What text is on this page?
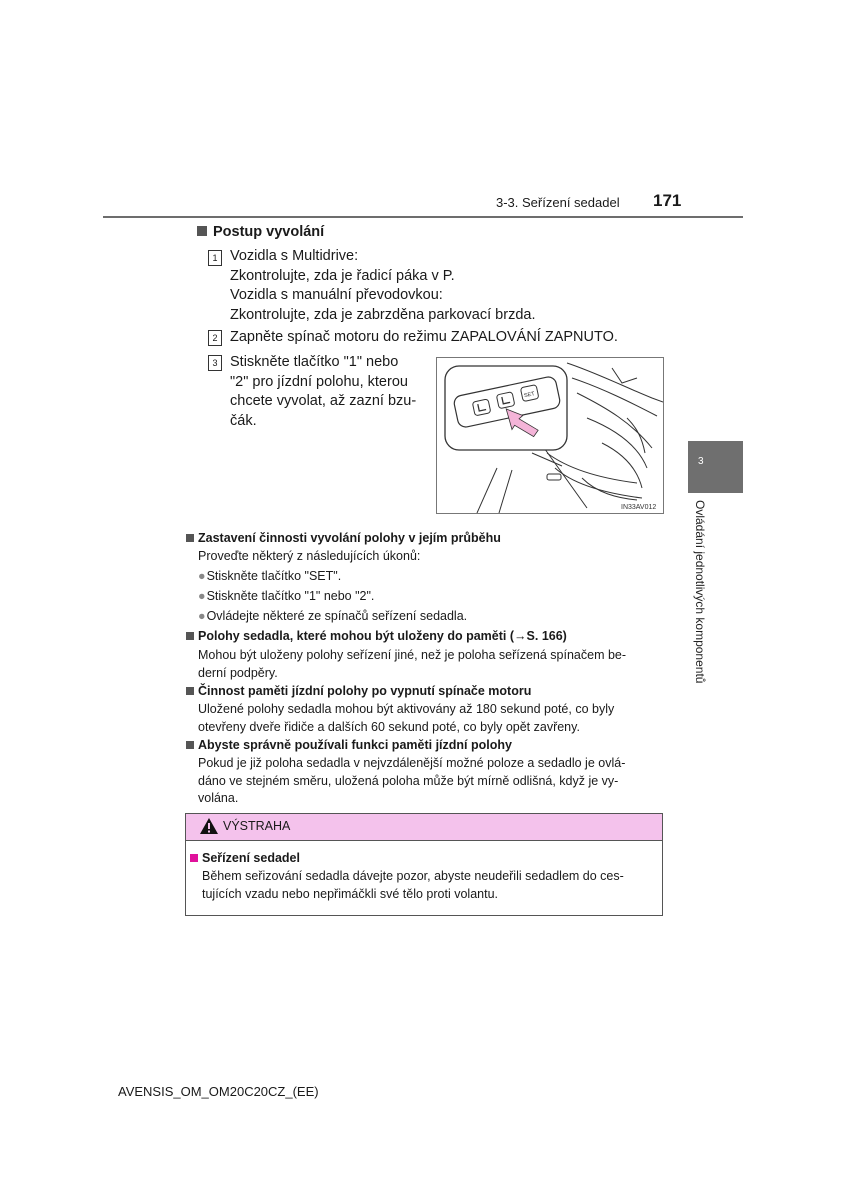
3-3. Seřízení sedadel 171
3
Ovládání jednotlivých komponentů
Postup vyvolání
1 Vozidla s Multidrive:
Zkontrolujte, zda je řadicí páka v P.
Vozidla s manuální převodovkou:
Zkontrolujte, zda je zabrzděna parkovací brzda.
2 Zapněte spínač motoru do režimu ZAPALOVÁNÍ ZAPNUTO.
3 Stiskněte tlačítko "1" nebo
"2" pro jízdní polohu, kterou
chcete vyvolat, až zazní bzu-
čák.
SET
IN33AV012
Zastavení činnosti vyvolání polohy v jejím průběhu
Proveďte některý z následujících úkonů:
●Stiskněte tlačítko "SET".
●Stiskněte tlačítko "1" nebo "2".
●Ovládejte některé ze spínačů seřízení sedadla.
Polohy sedadla, které mohou být uloženy do paměti (→S. 166)
Mohou být uloženy polohy seřízení jiné, než je poloha seřízená spínačem be-
derní podpěry.
Činnost paměti jízdní polohy po vypnutí spínače motoru
Uložené polohy sedadla mohou být aktivovány až 180 sekund poté, co byly
otevřeny dveře řidiče a dalších 60 sekund poté, co byly opět zavřeny.
Abyste správně používali funkci paměti jízdní polohy
Pokud je již poloha sedadla v nejvzdálenější možné poloze a sedadlo je ovlá-
dáno ve stejném směru, uložená poloha může být mírně odlišná, když je vy-
volána.
VÝSTRAHA
Seřízení sedadel
Během seřizování sedadla dávejte pozor, abyste neudeřili sedadlem do ces-
tujících vzadu nebo nepřimáčkli své tělo proti volantu.
AVENSIS_OM_OM20C20CZ_(EE)
